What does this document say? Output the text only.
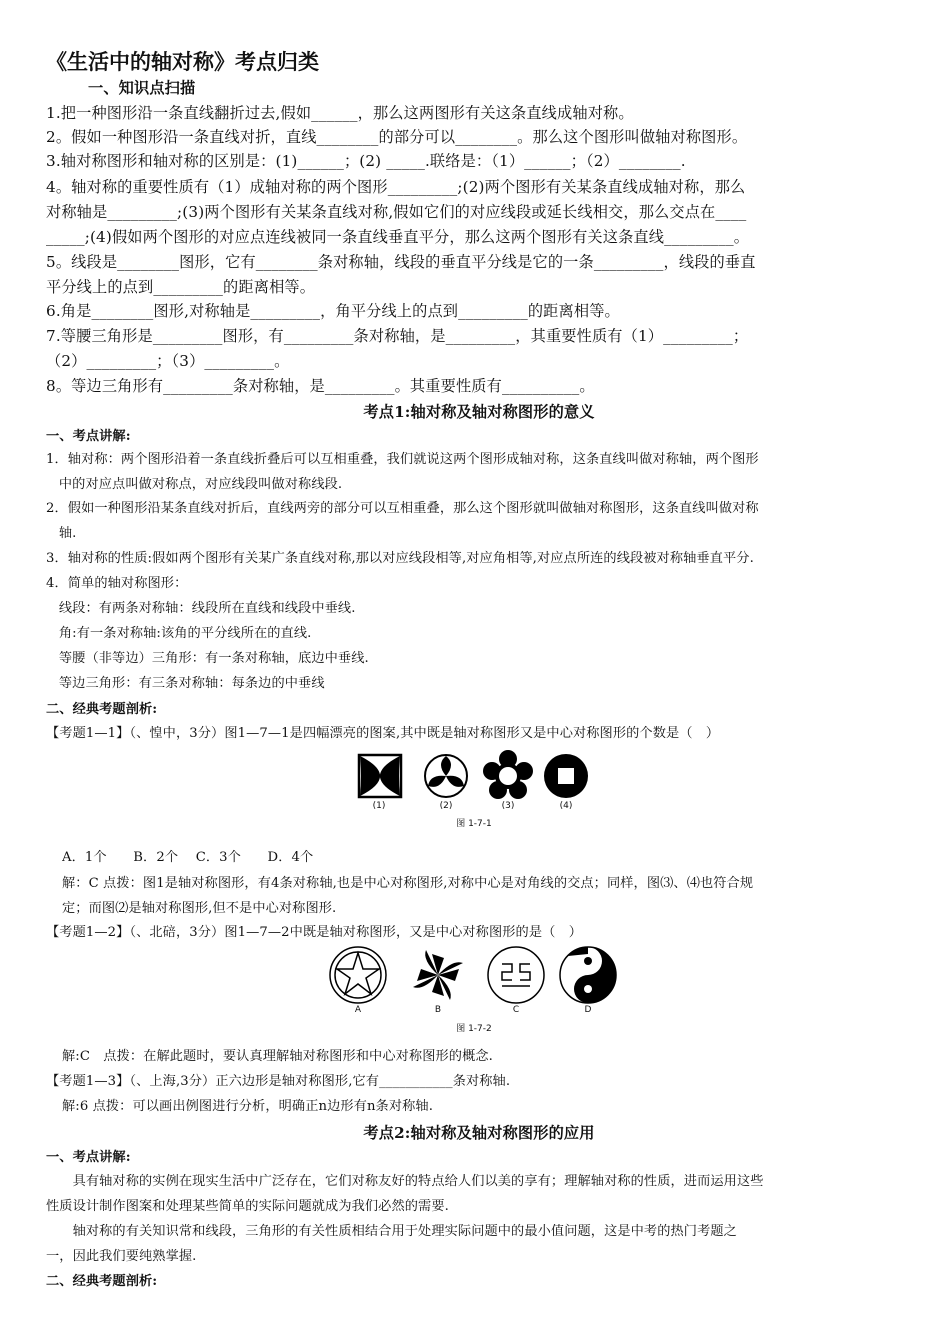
《生活中的轴对称》考点归类
一、知识点扫描
1.把一种图形沿一条直线翻折过去,假如______，那么这两图形有关这条直线成轴对称。
2。假如一种图形沿一条直线对折，直线________的部分可以________。那么这个图形叫做轴对称图形。
3.轴对称图形和轴对称的区别是：(1)______；(2) _____.联络是：（1）______；（2）________.
4。轴对称的重要性质有（1）成轴对称的两个图形_________;(2)两个图形有关某条直线成轴对称，那么
对称轴是_________;(3)两个图形有关某条直线对称,假如它们的对应线段或延长线相交，那么交点在____
_____;(4)假如两个图形的对应点连线被同一条直线垂直平分，那么这两个图形有关这条直线_________。
5。线段是________图形，它有________条对称轴，线段的垂直平分线是它的一条_________，线段的垂直
平分线上的点到_________的距离相等。
6.角是________图形,对称轴是_________，角平分线上的点到_________的距离相等。
7.等腰三角形是_________图形，有_________条对称轴，是_________，其重要性质有（1）_________；
（2）_________；（3）_________。
8。等边三角形有_________条对称轴，是_________。其重要性质有__________。
考点1:轴对称及轴对称图形的意义
一、考点讲解:
1．轴对称：两个图形沿着一条直线折叠后可以互相重叠，我们就说这两个图形成轴对称，这条直线叫做对称轴，两个图形
中的对应点叫做对称点，对应线段叫做对称线段.
2．假如一种图形沿某条直线对折后，直线两旁的部分可以互相重叠，那么这个图形就叫做轴对称图形，这条直线叫做对称
轴.
3．轴对称的性质:假如两个图形有关某广条直线对称,那以对应线段相等,对应角相等,对应点所连的线段被对称轴垂直平分.
4．简单的轴对称图形：
线段：有两条对称轴：线段所在直线和线段中垂线.
角:有一条对称轴:该角的平分线所在的直线.
等腰（非等边）三角形：有一条对称轴，底边中垂线.
等边三角形：有三条对称轴：每条边的中垂线
二、经典考题剖析:
【考题1—1】（、惶中，3分）图1—7—1是四幅漂亮的图案,其中既是轴对称图形又是中心对称图形的个数是（　）
(1)	(2)	(3)	(4)
图 1-7-1
A．1个　　B．2个　 C．3个　　D．4个
解：C 点拨：图1是轴对称图形，有4条对称轴,也是中心对称图形,对称中心是对角线的交点；同样，图⑶、⑷也符合规
定；而图⑵是轴对称图形,但不是中心对称图形.
【考题1—2】（、北碚，3分）图1—7—2中既是轴对称图形，又是中心对称图形的是（　）
A	B	C	D
图 1-7-2
解:C　点拨：在解此题时，要认真理解轴对称图形和中心对称图形的概念.
【考题1—3】（、上海,3分）正六边形是轴对称图形,它有___________条对称轴.
解:6 点拨：可以画出例图进行分析，明确正n边形有n条对称轴.
考点2:轴对称及轴对称图形的应用
一、考点讲解:
　　具有轴对称的实例在现实生活中广泛存在，它们对称友好的特点给人们以美的享有；理解轴对称的性质，进而运用这些
性质设计制作图案和处理某些简单的实际问题就成为我们必然的需要.
　　轴对称的有关知识常和线段，三角形的有关性质相结合用于处理实际问题中的最小值问题，这是中考的热门考题之
一，因此我们要纯熟掌握.
二、经典考题剖析:
